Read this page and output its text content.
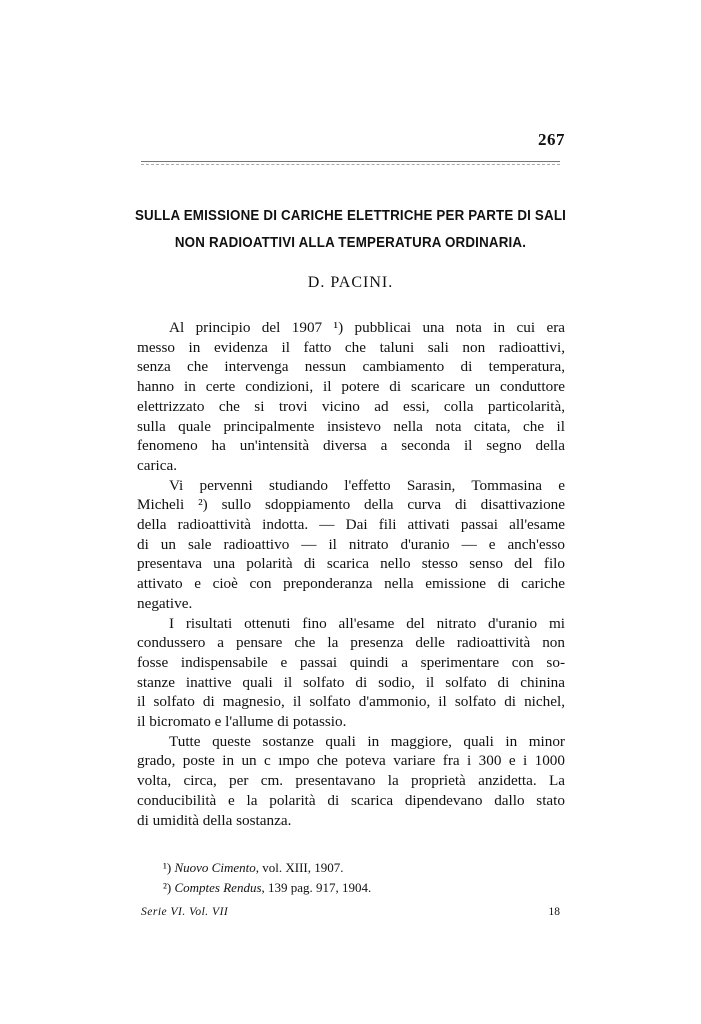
267
SULLA EMISSIONE DI CARICHE ELETTRICHE PER PARTE DI SALI
NON RADIOATTIVI ALLA TEMPERATURA ORDINARIA.
D. PACINI.

Al principio del 1907 ¹) pubblicai una nota in cui era
messo in evidenza il fatto che taluni sali non radioattivi,
senza che intervenga nessun cambiamento di temperatura,
hanno in certe condizioni, il potere di scaricare un conduttore
elettrizzato che si trovi vicino ad essi, colla particolarità,
sulla quale principalmente insistevo nella nota citata, che il
fenomeno ha un'intensità diversa a seconda il segno della
carica.

Vi pervenni studiando l'effetto Sarasin, Tommasina e
Micheli ²) sullo sdoppiamento della curva di disattivazione
della radioattività indotta. — Dai fili attivati passai all'esame
di un sale radioattivo — il nitrato d'uranio — e anch'esso
presentava una polarità di scarica nello stesso senso del filo
attivato e cioè con preponderanza nella emissione di cariche
negative.

I risultati ottenuti fino all'esame del nitrato d'uranio mi
condussero a pensare che la presenza delle radioattività non
fosse indispensabile e passai quindi a sperimentare con so-
stanze inattive quali il solfato di sodio, il solfato di chinina
il solfato di magnesio, il solfato d'ammonio, il solfato di nichel,
il bicromato e l'allume di potassio.

Tutte queste sostanze quali in maggiore, quali in minor
grado, poste in un c ımpo che poteva variare fra i 300 e i 1000
volta, circa, per cm. presentavano la proprietà anzidetta. La
conducibilità e la polarità di scarica dipendevano dallo stato
di umidità della sostanza.

¹) Nuovo Cimento, vol. XIII, 1907.
²) Comptes Rendus, 139 pag. 917, 1904.
Serie VI. Vol. VII	18
